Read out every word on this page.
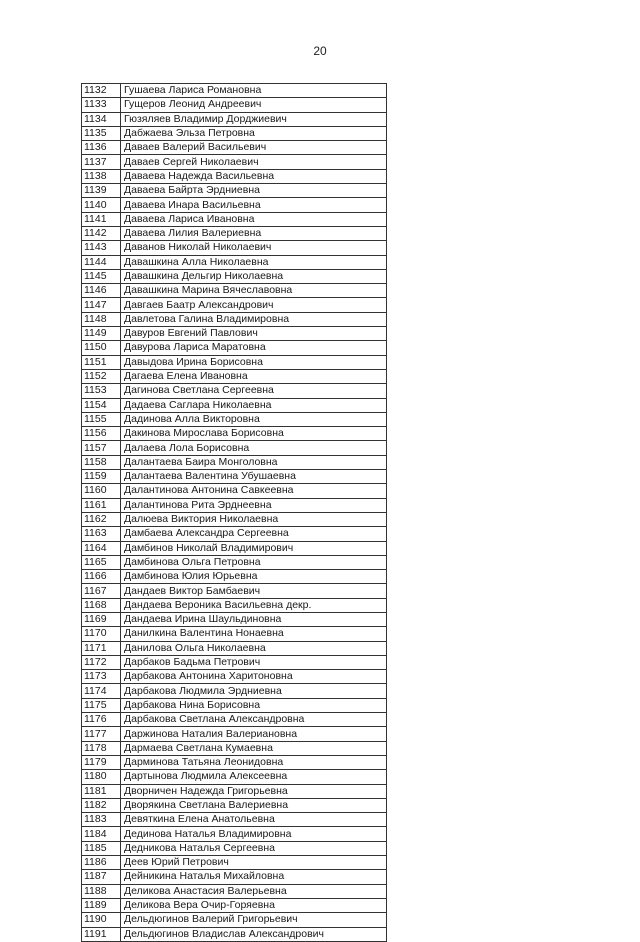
20
1132	Гушаева Лариса Романовна
1133	Гущеров Леонид Андреевич
1134	Гюзяляев Владимир Дорджиевич
1135	Дабжаева Эльза Петровна
1136	Даваев Валерий Васильевич
1137	Даваев Сергей Николаевич
1138	Даваева Надежда Васильевна
1139	Даваева Байрта Эрдниевна
1140	Даваева Инара Васильевна
1141	Даваева Лариса Ивановна
1142	Даваева Лилия Валериевна
1143	Даванов Николай Николаевич
1144	Давашкина Алла Николаевна
1145	Давашкина Дельгир Николаевна
1146	Давашкина Марина Вячеславовна
1147	Давгаев Баатр Александрович
1148	Давлетова Галина Владимировна
1149	Давуров Евгений Павлович
1150	Давурова Лариса Маратовна
1151	Давыдова Ирина Борисовна
1152	Дагаева Елена Ивановна
1153	Дагинова Светлана Сергеевна
1154	Дадаева Саглара Николаевна
1155	Дадинова Алла Викторовна
1156	Дакинова Мирослава Борисовна
1157	Далаева Лола Борисовна
1158	Далантаева Баира Монголовна
1159	Далантаева Валентина Убушаевна
1160	Далантинова Антонина Савкеевна
1161	Далантинова Рита Эрднеевна
1162	Далюева Виктория Николаевна
1163	Дамбаева Александра Сергеевна
1164	Дамбинов Николай Владимирович
1165	Дамбинова Ольга Петровна
1166	Дамбинова Юлия Юрьевна
1167	Дандаев Виктор Бамбаевич
1168	Дандаева Вероника Васильевна декр.
1169	Дандаева Ирина Шаульдиновна
1170	Данилкина Валентина Нонаевна
1171	Данилова Ольга Николаевна
1172	Дарбаков Бадьма Петрович
1173	Дарбакова Антонина Харитоновна
1174	Дарбакова Людмила Эрдниевна
1175	Дарбакова Нина Борисовна
1176	Дарбакова Светлана Александровна
1177	Даржинова Наталия Валериановна
1178	Дармаева Светлана Кумаевна
1179	Дарминова Татьяна Леонидовна
1180	Дартынова Людмила Алексеевна
1181	Дворничен Надежда Григорьевна
1182	Дворякина Светлана Валериевна
1183	Девяткина Елена Анатольевна
1184	Дединова Наталья Владимировна
1185	Дедникова Наталья Сергеевна
1186	Деев Юрий Петрович
1187	Дейникина Наталья Михайловна
1188	Деликова Анастасия Валерьевна
1189	Деликова Вера Очир-Горяевна
1190	Дельдюгинов Валерий Григорьевич
1191	Дельдюгинов Владислав Александрович
